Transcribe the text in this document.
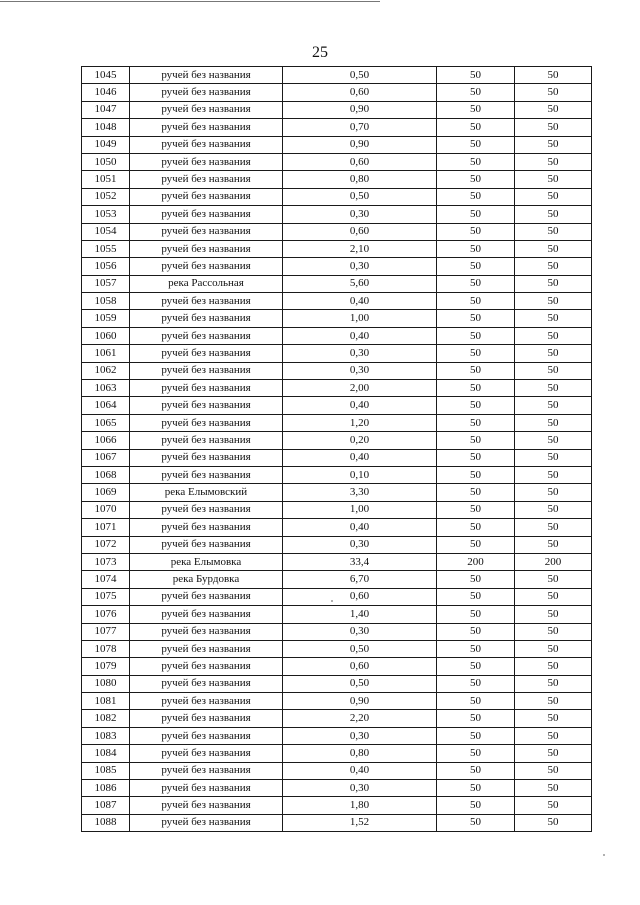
25
1045	ручей без названия	0,50	50	50
1046	ручей без названия	0,60	50	50
1047	ручей без названия	0,90	50	50
1048	ручей без названия	0,70	50	50
1049	ручей без названия	0,90	50	50
1050	ручей без названия	0,60	50	50
1051	ручей без названия	0,80	50	50
1052	ручей без названия	0,50	50	50
1053	ручей без названия	0,30	50	50
1054	ручей без названия	0,60	50	50
1055	ручей без названия	2,10	50	50
1056	ручей без названия	0,30	50	50
1057	река Рассольная	5,60	50	50
1058	ручей без названия	0,40	50	50
1059	ручей без названия	1,00	50	50
1060	ручей без названия	0,40	50	50
1061	ручей без названия	0,30	50	50
1062	ручей без названия	0,30	50	50
1063	ручей без названия	2,00	50	50
1064	ручей без названия	0,40	50	50
1065	ручей без названия	1,20	50	50
1066	ручей без названия	0,20	50	50
1067	ручей без названия	0,40	50	50
1068	ручей без названия	0,10	50	50
1069	река Елымовский	3,30	50	50
1070	ручей без названия	1,00	50	50
1071	ручей без названия	0,40	50	50
1072	ручей без названия	0,30	50	50
1073	река Елымовка	33,4	200	200
1074	река Бурдовка	6,70	50	50
1075	ручей без названия	0,60	50	50
1076	ручей без названия	1,40	50	50
1077	ручей без названия	0,30	50	50
1078	ручей без названия	0,50	50	50
1079	ручей без названия	0,60	50	50
1080	ручей без названия	0,50	50	50
1081	ручей без названия	0,90	50	50
1082	ручей без названия	2,20	50	50
1083	ручей без названия	0,30	50	50
1084	ручей без названия	0,80	50	50
1085	ручей без названия	0,40	50	50
1086	ручей без названия	0,30	50	50
1087	ручей без названия	1,80	50	50
1088	ручей без названия	1,52	50	50
